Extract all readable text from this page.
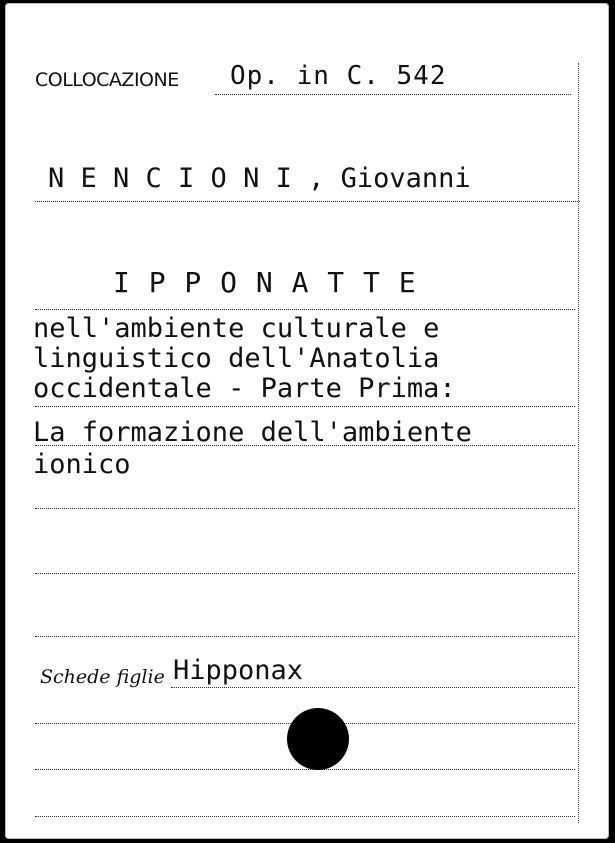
COLLOCAZIONE Op. in C. 542
N E N C I O N I , Giovanni
I P P O N A T T E
nell'ambiente culturale e
linguistico dell'Anatolia
occidentale - Parte Prima:
La formazione dell'ambiente
ionico
Schede figlie Hipponax
